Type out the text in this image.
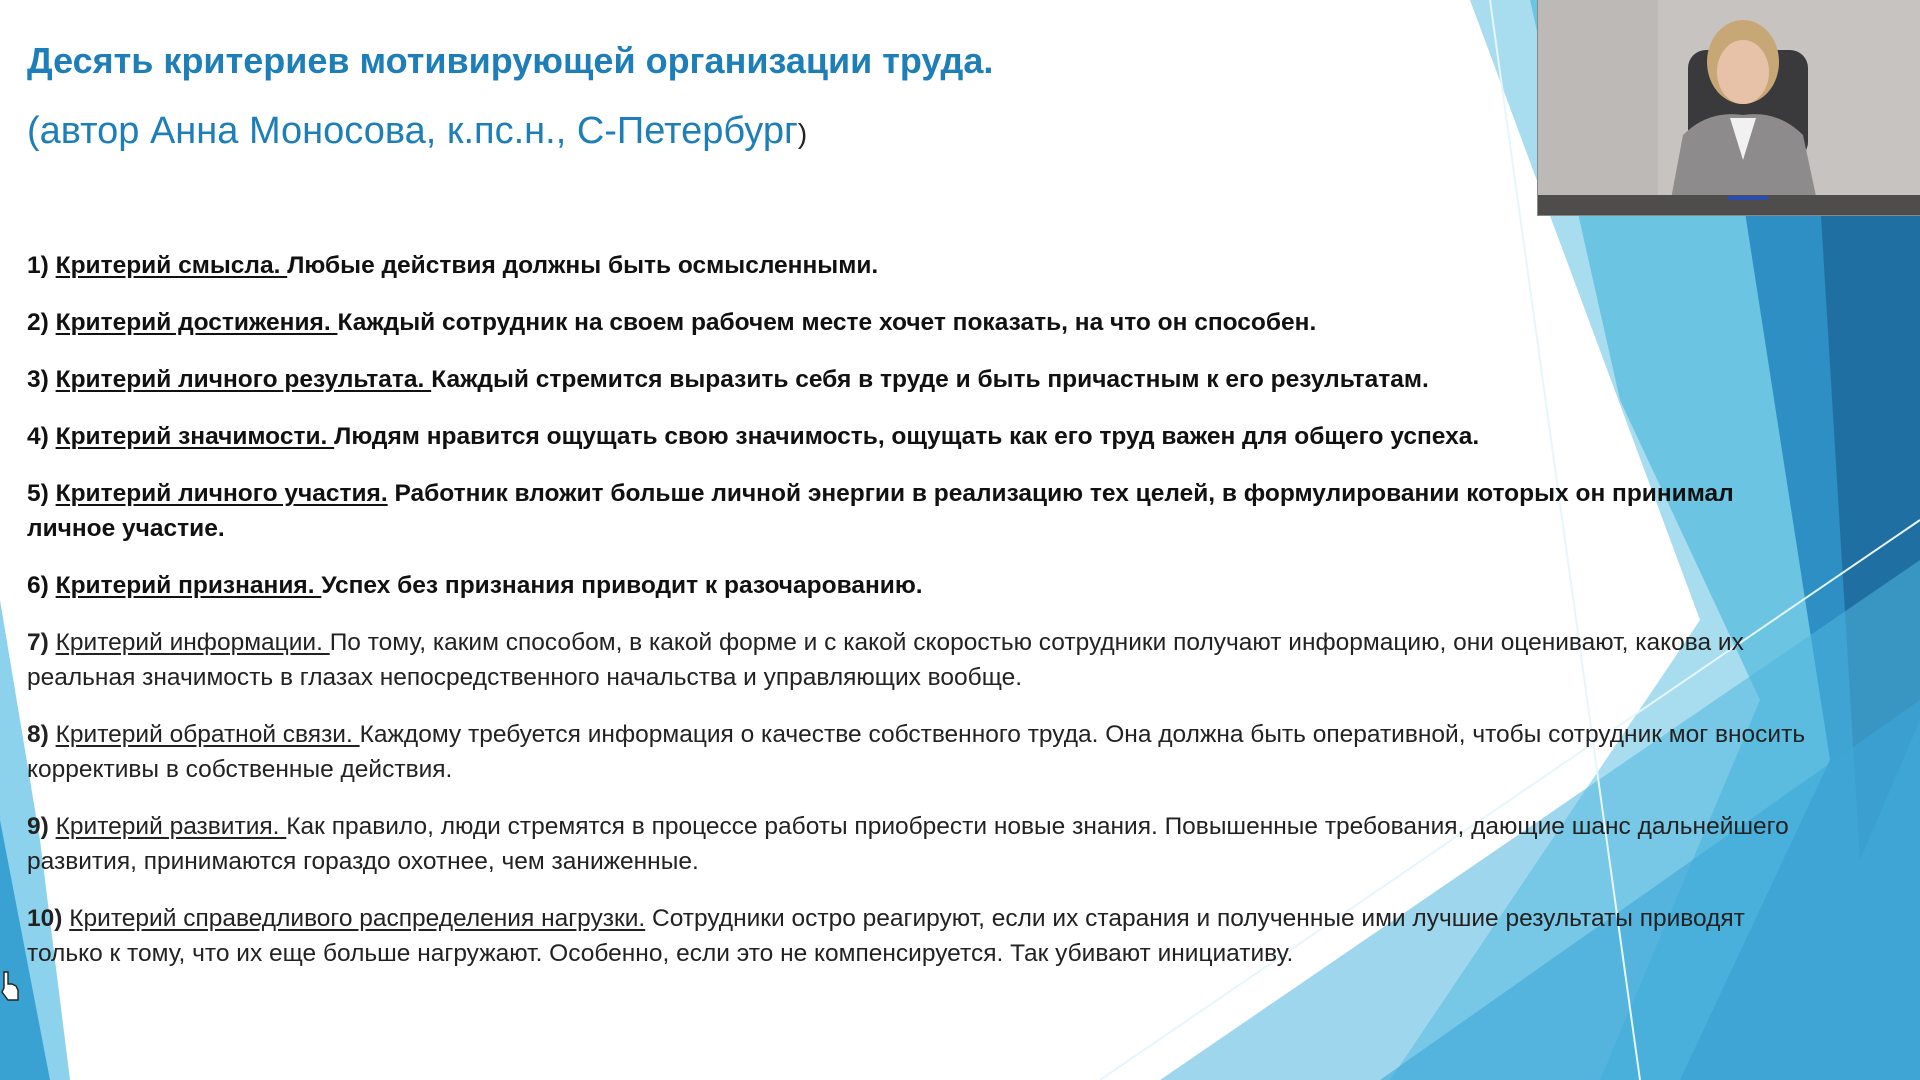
Десять критериев мотивирующей организации труда.
(автор Анна Моносова, к.пс.н., С-Петербург)
1) Критерий смысла. Любые действия должны быть осмысленными.
2) Критерий достижения. Каждый сотрудник на своем рабочем месте хочет показать, на что он способен.
3) Критерий личного результата. Каждый стремится выразить себя в труде и быть причастным к его результатам.
4) Критерий значимости. Людям нравится ощущать свою значимость, ощущать как его труд важен для общего успеха.
5) Критерий личного участия. Работник вложит больше личной энергии в реализацию тех целей, в формулировании которых он принимал личное участие.
6) Критерий признания. Успех без признания приводит к разочарованию.
7) Критерий информации. По тому, каким способом, в какой форме и с какой скоростью сотрудники получают информацию, они оценивают, какова их реальная значимость в глазах непосредственного начальства и управляющих вообще.
8) Критерий обратной связи. Каждому требуется информация о качестве собственного труда. Она должна быть оперативной, чтобы сотрудник мог вносить коррективы в собственные действия.
9) Критерий развития. Как правило, люди стремятся в процессе работы приобрести новые знания. Повышенные требования, дающие шанс дальнейшего развития, принимаются гораздо охотнее, чем заниженные.
10) Критерий справедливого распределения нагрузки. Сотрудники остро реагируют, если их старания и полученные ими лучшие результаты приводят только к тому, что их еще больше нагружают. Особенно, если это не компенсируется. Так убивают инициативу.
